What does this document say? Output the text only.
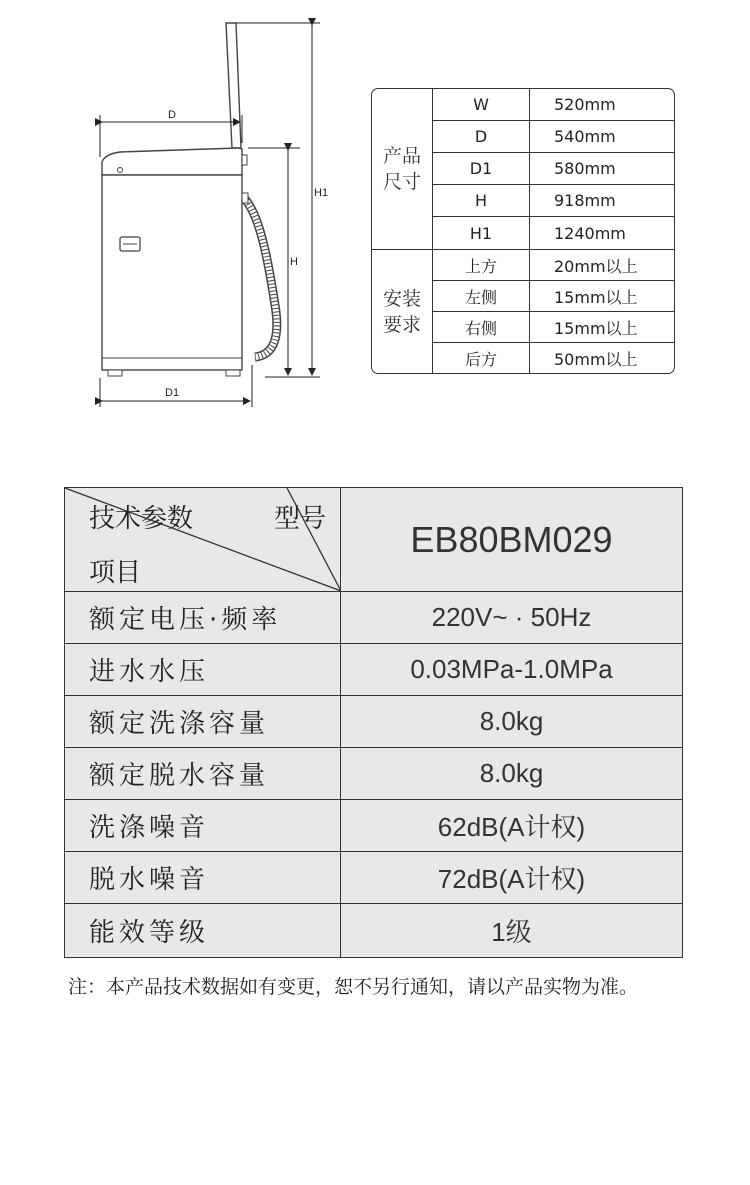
D
H1
H
D1
产品
尺寸
W	520mm
D	540mm
D1	580mm
H	918mm
H1	1240mm
安装
要求
上方	20mm以上
左侧	15mm以上
右侧	15mm以上
后方	50mm以上
技术参数	型号
项目
EB80BM029
额定电压·频率	220V~ · 50Hz
进水水压	0.03MPa-1.0MPa
额定洗涤容量	8.0kg
额定脱水容量	8.0kg
洗涤噪音	62dB(A计权)
脱水噪音	72dB(A计权)
能效等级	1级
注：本产品技术数据如有变更，恕不另行通知，请以产品实物为准。
